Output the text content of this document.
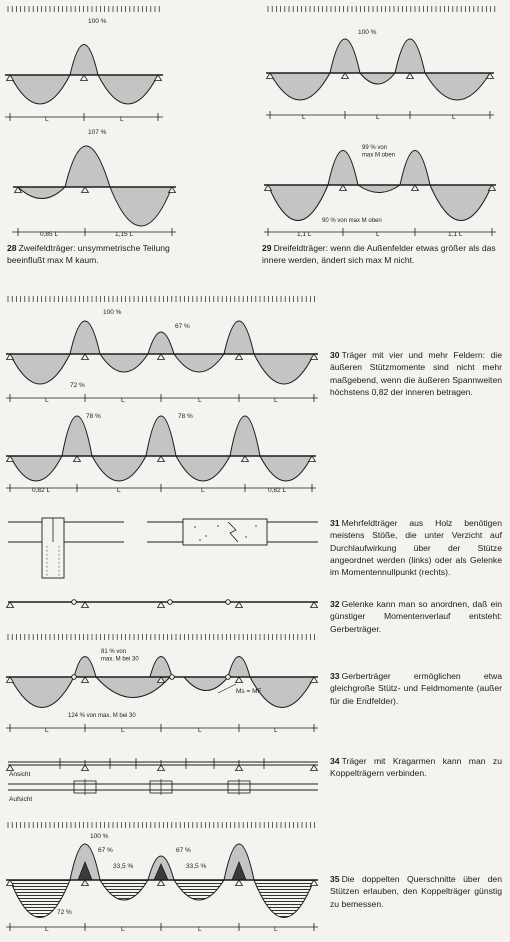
100 %
L	L
107 %
0,85 L	1,15 L
100 %
L	L	L
99 % von max M oben
90 % von max M oben
1,1 L	L	1,1 L
100 %
67 %
72 %
L	L	L	L
78 %	78 %
0,82 L	L	L	0,82 L
81 % von max. M bei 30
124 % von max. M bei 30
Ms = MF
L	L	L	L
Ansicht
Aufsicht
100 %
67 %	67 %
33,5 %	33,5 %
72 %
L	L	L	L

28 Zweifeldträger: unsymmetrische Teilung beeinflußt max M kaum.

29 Dreifeldträger: wenn die Außenfelder etwas größer als das innere werden, ändert sich max M nicht.

30 Träger mit vier und mehr Feldern: die äußeren Stützmomente sind nicht mehr maßgebend, wenn die äußeren Spannweiten höchstens 0,82 der inneren betragen.

31 Mehrfeldträger aus Holz benötigen meistens Stöße, die unter Verzicht auf Durchlaufwirkung über der Stütze angeordnet werden (links) oder als Gelenke im Momentennullpunkt (rechts).

32 Gelenke kann man so anordnen, daß ein günstiger Momentenverlauf entsteht: Gerberträger.

33 Gerberträger ermöglichen etwa gleichgroße Stütz- und Feldmomente (außer für die Endfelder).

34 Träger mit Kragarmen kann man zu Koppelträgern verbinden.

35 Die doppelten Querschnitte über den Stützen erlauben, den Koppelträger günstig zu bemessen.
